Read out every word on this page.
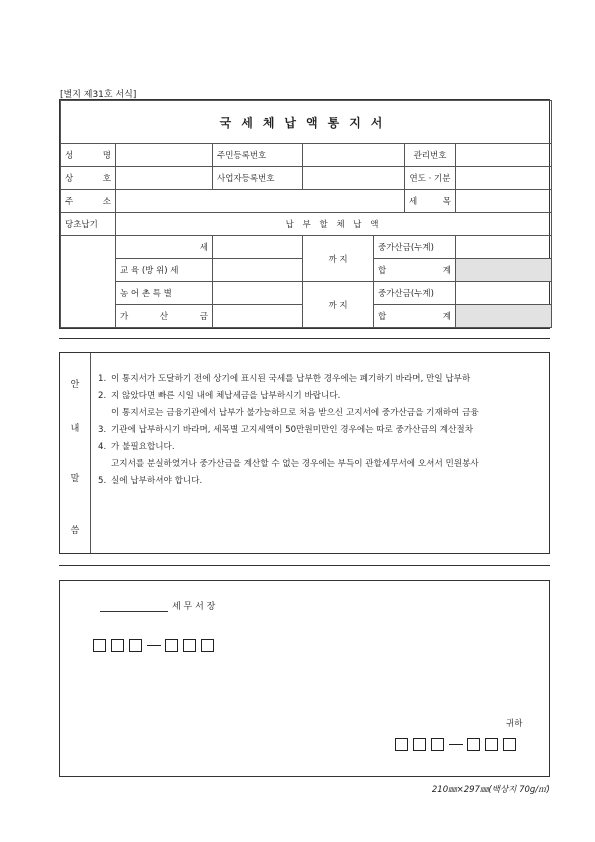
[별지 제31호 서식]
국세체납액통지서						
성 명		주민등록번호			관리번호	
상 호		사업자등록번호			연도 · 기분	
주 소					세 목	
당초납기	납 부 할 체 납 액					
	세		까 지	중가산금(누계)		
	교 육 (방 위) 세			합 계		
	농 어 촌 특 별		까 지	중가산금(누계)		
	가 산 금			합 계		
안
내
말
씀
1. 이 통지서가 도달하기 전에 상기에 표시된 국세를 납부한 경우에는 폐기하기 바라며, 만일 납부하
2. 지 않았다면 빠른 시일 내에 체납세금을 납부하시기 바랍니다.
이 통지서로는 금융기관에서 납부가 불가능하므로 처음 받으신 고지서에 중가산금을 기재하여 금융
3. 기관에 납부하시기 바라며, 세목별 고지세액이 50만원미만인 경우에는 따로 중가산금의 계산절차
4. 가 불필요합니다.
고지서를 분실하였거나 중가산금을 계산할 수 없는 경우에는 부득이 관할세무서에 오셔서 민원봉사
5. 실에 납부하셔야 합니다.
세 무 서 장
귀하
210㎜×297㎜(백상지 70g/㎡)
